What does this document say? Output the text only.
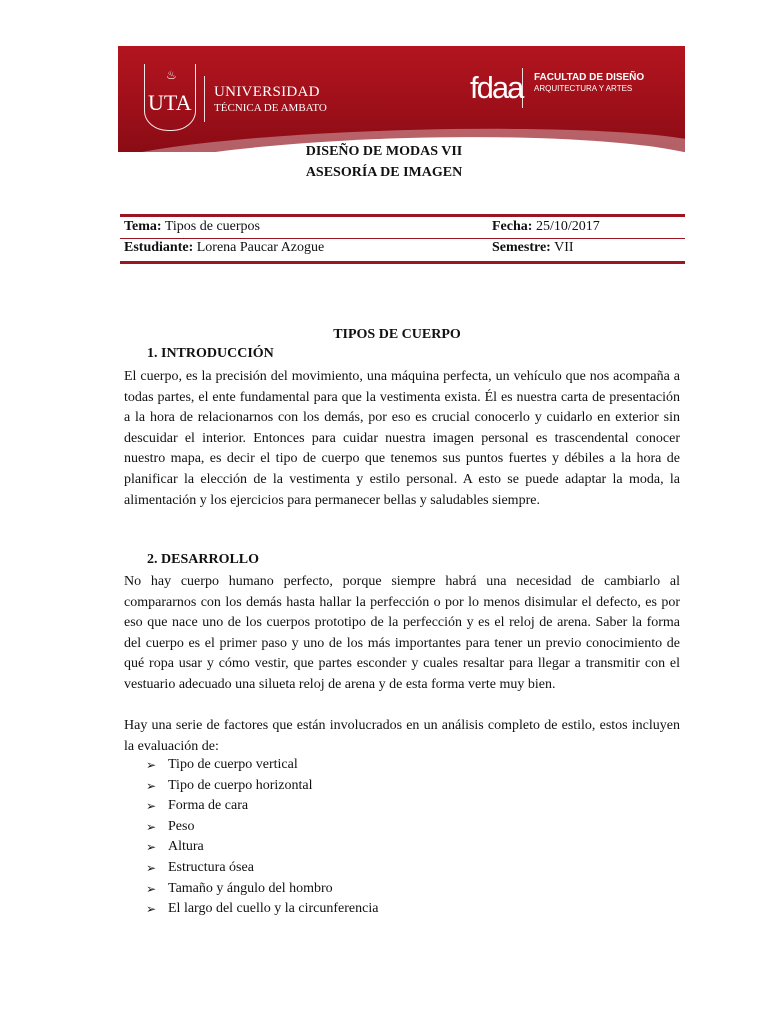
♨
UTA UNIVERSIDAD
TÉCNICA DE AMBATO
fdaa FACULTAD DE DISEÑO
ARQUITECTURA Y ARTES
DISEÑO DE MODAS VII
ASESORÍA DE IMAGEN
Tema: Tipos de cuerpos	Fecha: 25/10/2017
Estudiante: Lorena Paucar Azogue	Semestre: VII
TIPOS DE CUERPO
1. INTRODUCCIÓN
El cuerpo, es la precisión del movimiento, una máquina perfecta, un vehículo que nos acompaña a todas partes, el ente fundamental para que la vestimenta exista. Él es nuestra carta de presentación a la hora de relacionarnos con los demás, por eso es crucial conocerlo y cuidarlo en exterior sin descuidar el interior. Entonces para cuidar nuestra imagen personal es trascendental conocer nuestro mapa, es decir el tipo de cuerpo que tenemos sus puntos fuertes y débiles a la hora de planificar la elección de la vestimenta y estilo personal. A esto se puede adaptar la moda, la alimentación y los ejercicios para permanecer bellas y saludables siempre.
2. DESARROLLO
No hay cuerpo humano perfecto, porque siempre habrá una necesidad de cambiarlo al compararnos con los demás hasta hallar la perfección o por lo menos disimular el defecto, es por eso que nace uno de los cuerpos prototipo de la perfección y es el reloj de arena. Saber la forma del cuerpo es el primer paso y uno de los más importantes para tener un previo conocimiento de qué ropa usar y cómo vestir, que partes esconder y cuales resaltar para llegar a transmitir con el vestuario adecuado una silueta reloj de arena y de esta forma verte muy bien.
Hay una serie de factores que están involucrados en un análisis completo de estilo, estos incluyen la evaluación de:
➢ Tipo de cuerpo vertical
➢ Tipo de cuerpo horizontal
➢ Forma de cara
➢ Peso
➢ Altura
➢ Estructura ósea
➢ Tamaño y ángulo del hombro
➢ El largo del cuello y la circunferencia
